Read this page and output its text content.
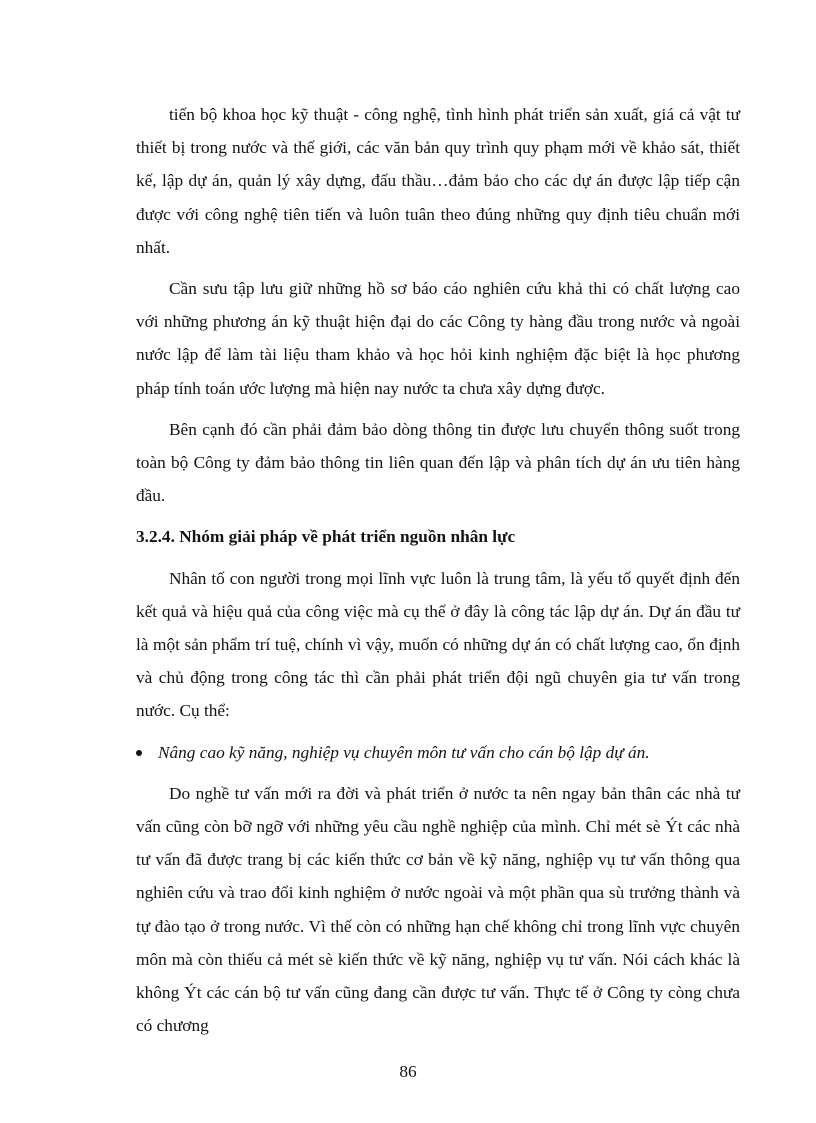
tiến bộ khoa học kỹ thuật - công nghệ, tình hình phát triển sản xuất, giá cả vật tư thiết bị trong nước và thế giới, các văn bản quy trình quy phạm mới về khảo sát, thiết kế, lập dự án, quản lý xây dựng, đấu thầu…đảm bảo cho các dự án được lập tiếp cận được với công nghệ tiên tiến và luôn tuân theo đúng những quy định tiêu chuẩn mới nhất.

Cần sưu tập lưu giữ những hồ sơ báo cáo nghiên cứu khả thi có chất lượng cao với những phương án kỹ thuật hiện đại do các Công ty hàng đầu trong nước và ngoài nước lập để làm tài liệu tham khảo và học hỏi kinh nghiệm đặc biệt là học phương pháp tính toán ước lượng mà hiện nay nước ta chưa xây dựng được.

Bên cạnh đó cần phải đảm bảo dòng thông tin được lưu chuyển thông suốt trong toàn bộ Công ty đảm bảo thông tin liên quan đến lập và phân tích dự án ưu tiên hàng đầu.

3.2.4. Nhóm giải pháp về phát triển nguồn nhân lực

Nhân tố con người trong mọi lĩnh vực luôn là trung tâm, là yếu tố quyết định đến kết quả và hiệu quả của công việc mà cụ thể ở đây là công tác lập dự án. Dự án đầu tư là một sản phẩm trí tuệ, chính vì vậy, muốn có những dự án có chất lượng cao, ổn định và chủ động trong công tác thì cần phải phát triển đội ngũ chuyên gia tư vấn trong nước. Cụ thể:

Nâng cao kỹ năng, nghiệp vụ chuyên môn tư vấn cho cán bộ lập dự án.

Do nghề tư vấn mới ra đời và phát triển ở nước ta nên ngay bản thân các nhà tư vấn cũng còn bỡ ngỡ với những yêu cầu nghề nghiệp của mình. Chỉ mét sè Ýt các nhà tư vấn đã được trang bị các kiến thức cơ bản về kỹ năng, nghiệp vụ tư vấn thông qua nghiên cứu và trao đổi kinh nghiệm ở nước ngoài và một phần qua sù trưởng thành và tự đào tạo ở trong nước. Vì thế còn có những hạn chế không chỉ trong lĩnh vực chuyên môn mà còn thiếu cả mét sè kiến thức về kỹ năng, nghiệp vụ tư vấn. Nói cách khác là không Ýt các cán bộ tư vấn cũng đang cần được tư vấn. Thực tế ở Công ty còng chưa có chương

86
